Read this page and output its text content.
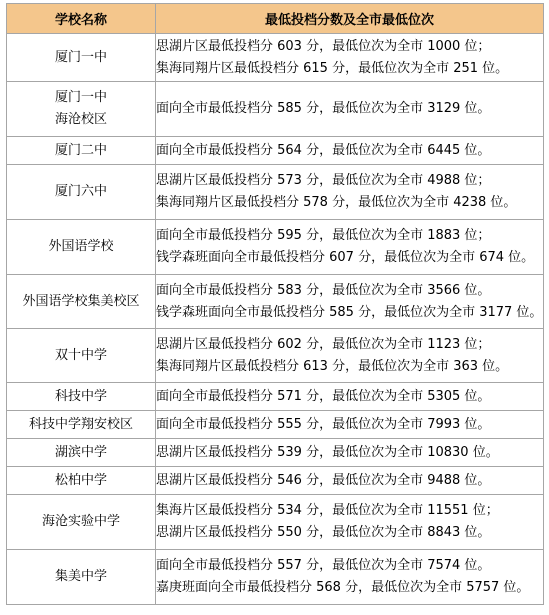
学校名称	最低投档分数及全市最低位次

厦门一中	思湖片区最低投档分 603 分，最低位次为全市 1000 位；
集海同翔片区最低投档分 615 分，最低位次为全市 251 位。

厦门一中
海沧校区	面向全市最低投档分 585 分，最低位次为全市 3129 位。

厦门二中	面向全市最低投档分 564 分，最低位次为全市 6445 位。

厦门六中	思湖片区最低投档分 573 分，最低位次为全市 4988 位；
集海同翔片区最低投档分 578 分，最低位次为全市 4238 位。

外国语学校	面向全市最低投档分 595 分，最低位次为全市 1883 位；
钱学森班面向全市最低投档分 607 分，最低位次为全市 674 位。

外国语学校集美校区	面向全市最低投档分 583 分，最低位次为全市 3566 位。
钱学森班面向全市最低投档分 585 分，最低位次为全市 3177 位。

双十中学	思湖片区最低投档分 602 分，最低位次为全市 1123 位；
集海同翔片区最低投档分 613 分，最低位次为全市 363 位。

科技中学	面向全市最低投档分 571 分，最低位次为全市 5305 位。

科技中学翔安校区	面向全市最低投档分 555 分，最低位次为全市 7993 位。

湖滨中学	思湖片区最低投档分 539 分，最低位次为全市 10830 位。

松柏中学	思湖片区最低投档分 546 分，最低位次为全市 9488 位。

海沧实验中学	集海片区最低投档分 534 分，最低位次为全市 11551 位；
思湖片区最低投档分 550 分，最低位次为全市 8843 位。

集美中学	面向全市最低投档分 557 分，最低位次为全市 7574 位。
嘉庚班面向全市最低投档分 568 分，最低位次为全市 5757 位。
